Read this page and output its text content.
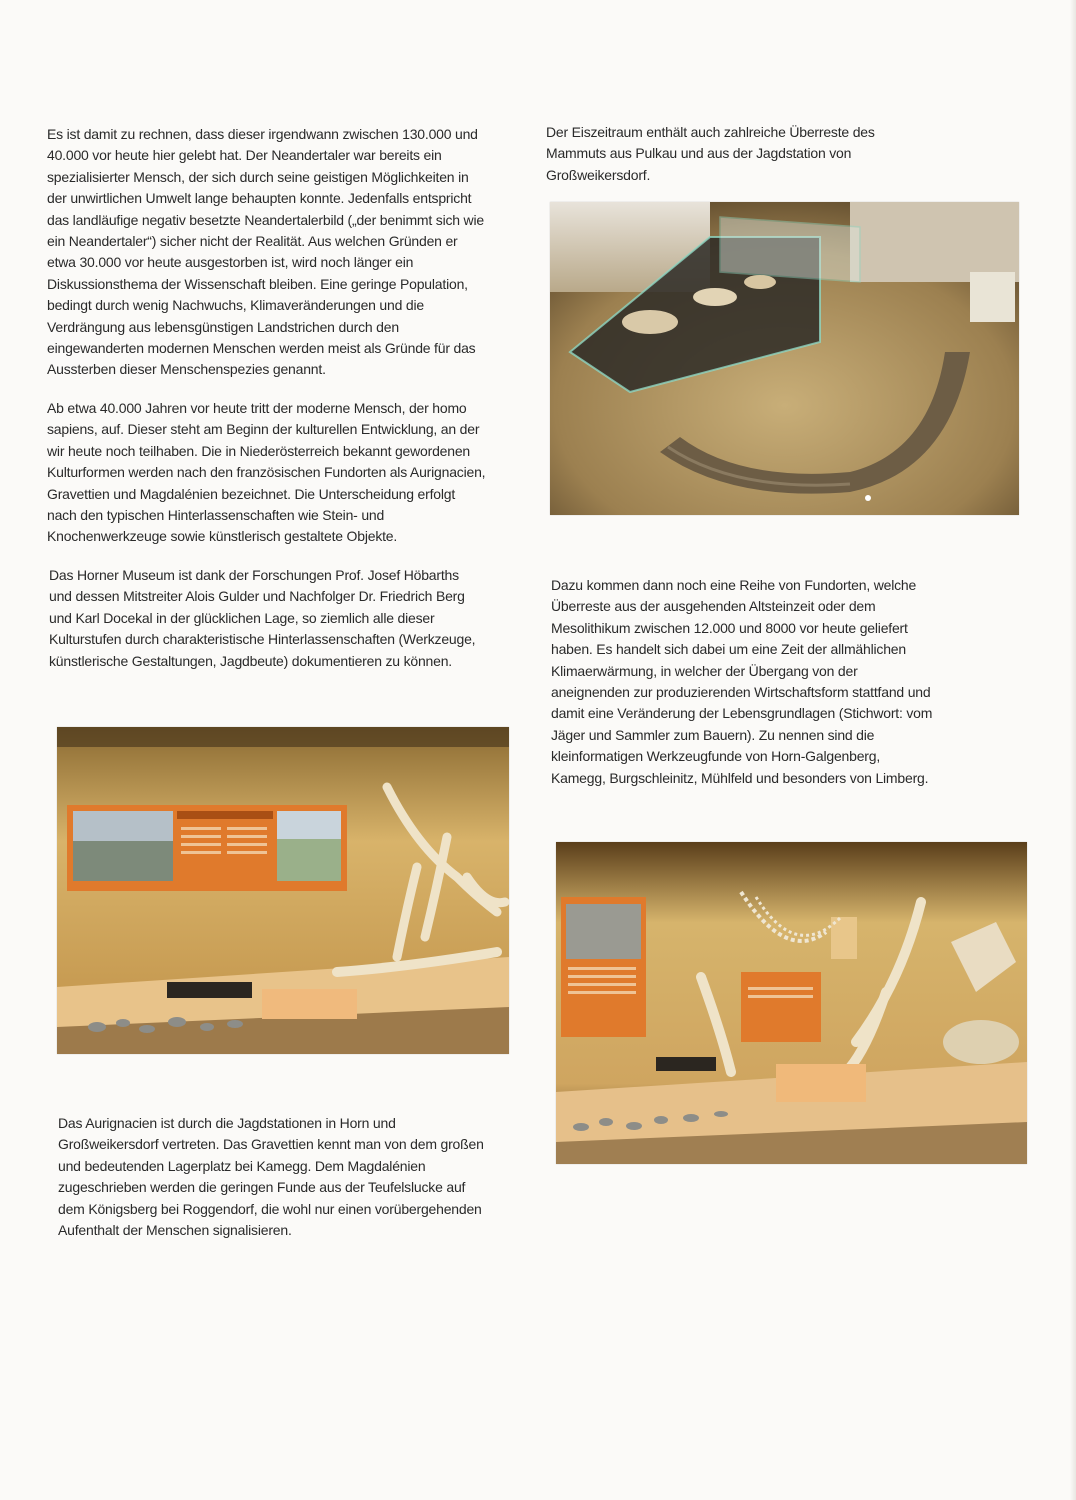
Es ist damit zu rechnen, dass dieser irgendwann zwischen 130.000 und 40.000 vor heute hier gelebt hat. Der Neandertaler war bereits ein spezialisierter Mensch, der sich durch seine geistigen Möglichkeiten in der unwirtlichen Umwelt lange behaupten konnte. Jedenfalls entspricht das landläufige negativ besetzte Neandertalerbild („der benimmt sich wie ein Neandertaler“) sicher nicht der Realität. Aus welchen Gründen er etwa 30.000 vor heute ausgestorben ist, wird noch länger ein Diskussionsthema der Wissenschaft bleiben. Eine geringe Population, bedingt durch wenig Nachwuchs, Klimaveränderungen und die Verdrängung aus lebensgünstigen Landstrichen durch den eingewanderten modernen Menschen werden meist als Gründe für das Aussterben dieser Menschenspezies genannt.

Ab etwa 40.000 Jahren vor heute tritt der moderne Mensch, der homo sapiens, auf. Dieser steht am Beginn der kulturellen Entwicklung, an der wir heute noch teilhaben. Die in Niederösterreich bekannt gewordenen Kulturformen werden nach den französischen Fundorten als Aurignacien, Gravettien und Magdalénien bezeichnet. Die Unterscheidung erfolgt nach den typischen Hinterlassenschaften wie Stein- und Knochenwerkzeuge sowie künstlerisch gestaltete Objekte.

Das Horner Museum ist dank der Forschungen Prof. Josef Höbarths und dessen Mitstreiter Alois Gulder und Nachfolger Dr. Friedrich Berg und Karl Docekal in der glücklichen Lage, so ziemlich alle dieser Kulturstufen durch charakteristische Hinterlassenschaften (Werkzeuge, künstlerische Gestaltungen, Jagdbeute) dokumentieren zu können.

Der Eiszeitraum enthält auch zahlreiche Überreste des Mammuts aus Pulkau und aus der Jagdstation von Großweikersdorf.

Dazu kommen dann noch eine Reihe von Fundorten, welche Überreste aus der ausgehenden Altsteinzeit oder dem Mesolithikum zwischen 12.000 und 8000 vor heute geliefert haben. Es handelt sich dabei um eine Zeit der allmählichen Klimaerwärmung, in welcher der Übergang von der aneignenden zur produzierenden Wirtschaftsform stattfand und damit eine Veränderung der Lebensgrundlagen (Stichwort: vom Jäger und Sammler zum Bauern). Zu nennen sind die kleinformatigen Werkzeugfunde von Horn-Galgenberg, Kamegg, Burgschleinitz, Mühlfeld und besonders von Limberg.

Das Aurignacien ist durch die Jagdstationen in Horn und Großweikersdorf vertreten. Das Gravettien kennt man von dem großen und bedeutenden Lagerplatz bei Kamegg. Dem Magdalénien zugeschrieben werden die geringen Funde aus der Teufelslucke auf dem Königsberg bei Roggendorf, die wohl nur einen vorübergehenden Aufenthalt der Menschen signalisieren.
